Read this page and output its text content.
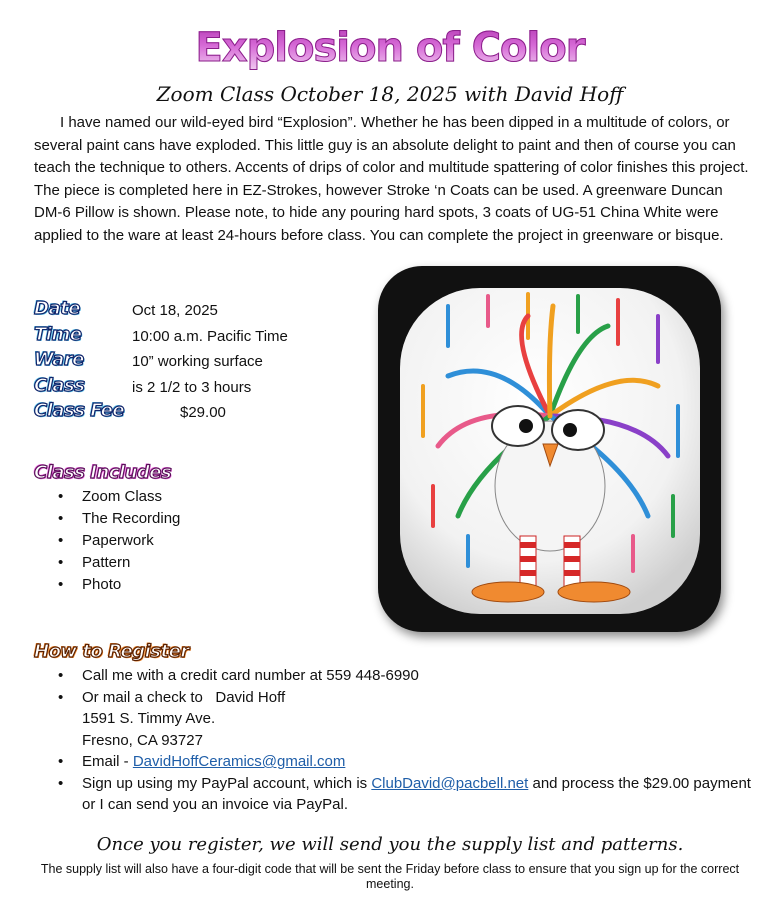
Explosion of Color
Zoom Class October 18, 2025 with David Hoff

I have named our wild-eyed bird “Explosion”. Whether he has been dipped in a multitude of colors, or several paint cans have exploded. This little guy is an absolute delight to paint and then of course you can teach the technique to others. Accents of drips of color and multitude spattering of color finishes this project. The piece is completed here in EZ-Strokes, however Stroke ‘n Coats can be used. A greenware Duncan DM-6 Pillow is shown. Please note, to hide any pouring hard spots, 3 coats of UG-51 China White were applied to the ware at least 24-hours before class. You can complete the project in greenware or bisque.

Date	Oct 18, 2025
Time	10:00 a.m. Pacific Time
Ware	10” working surface
Class	is 2 1/2 to 3 hours
Class Fee	$29.00
Class Includes
• Zoom Class
• The Recording
• Paperwork
• Pattern
• Photo
How to Register
• Call me with a credit card number at 559 448-6990
• Or mail a check to   David Hoff
1591 S. Timmy Ave.
Fresno, CA 93727
• Email - DavidHoffCeramics@gmail.com
• Sign up using my PayPal account, which is ClubDavid@pacbell.net and process the $29.00 payment or I can send you an invoice via PayPal.
Once you register, we will send you the supply list and patterns.
The supply list will also have a four-digit code that will be sent the Friday before class to ensure that you sign up for the correct meeting.
